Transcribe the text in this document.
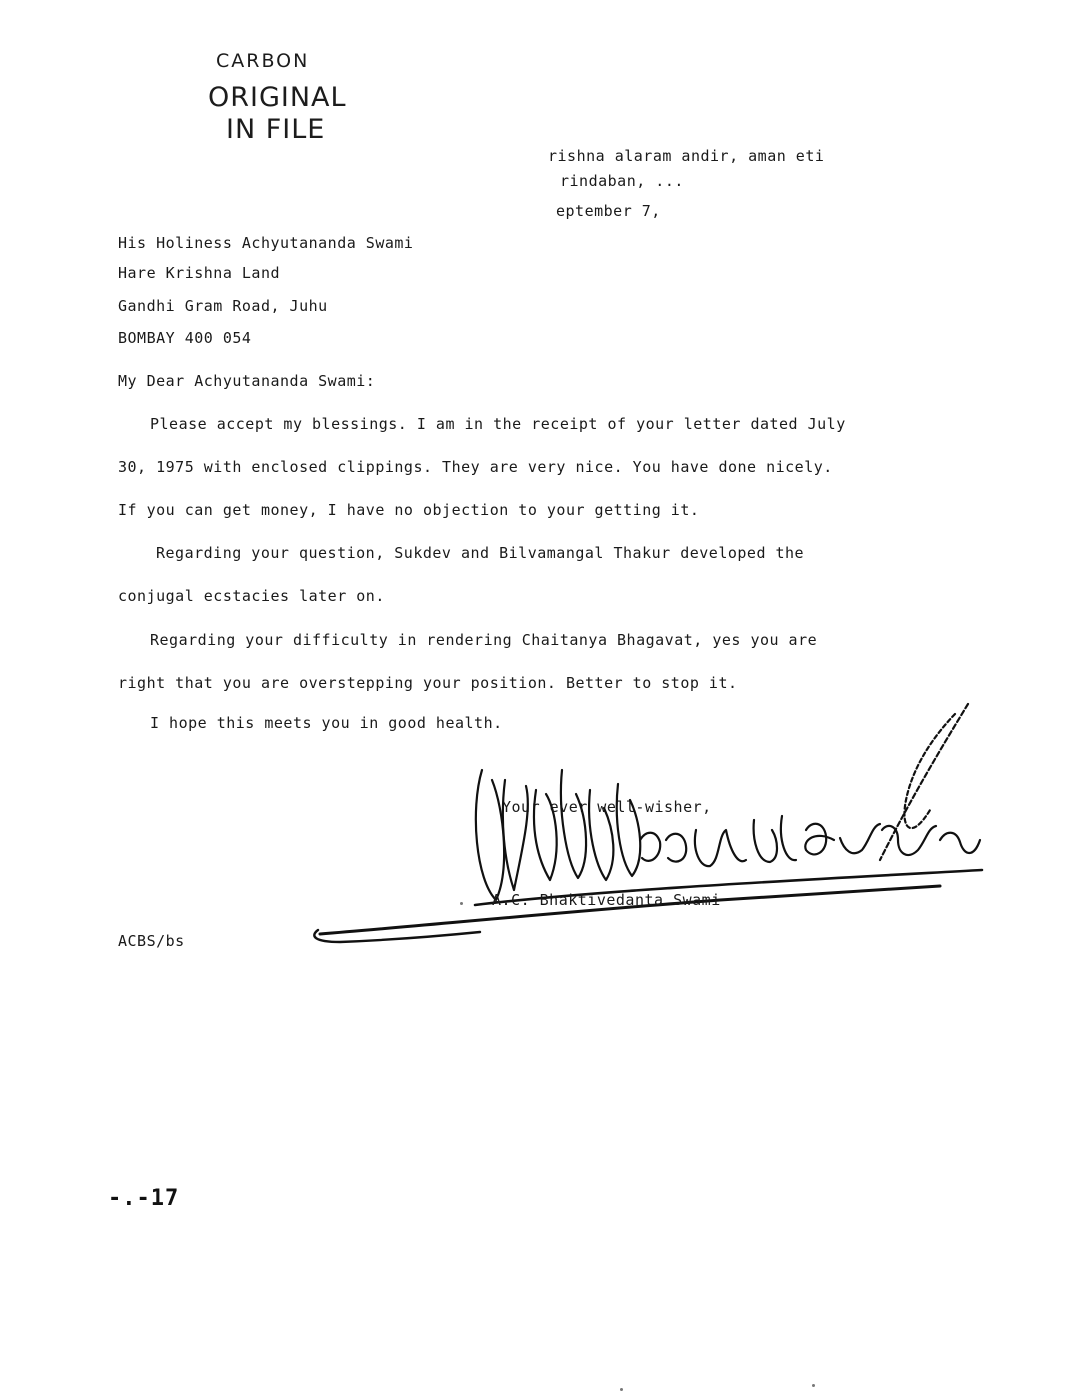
CARBON
ORIGINAL
IN FILE
rishna alaram andir, aman eti
rindaban, ...
eptember 7,
His Holiness Achyutananda Swami
Hare Krishna Land
Gandhi Gram Road, Juhu
BOMBAY 400 054
My Dear Achyutananda Swami:
Please accept my blessings. I am in the receipt of your letter dated July
30, 1975 with enclosed clippings. They are very nice. You have done nicely.
If you can get money, I have no objection to your getting it.
Regarding your question, Sukdev and Bilvamangal Thakur developed the
conjugal ecstacies later on.
Regarding your difficulty in rendering Chaitanya Bhagavat, yes you are
right that you are overstepping your position. Better to stop it.
I hope this meets you in good health.
Your ever well-wisher,
A.C. Bhaktivedanta Swami
ACBS/bs
-.-17
